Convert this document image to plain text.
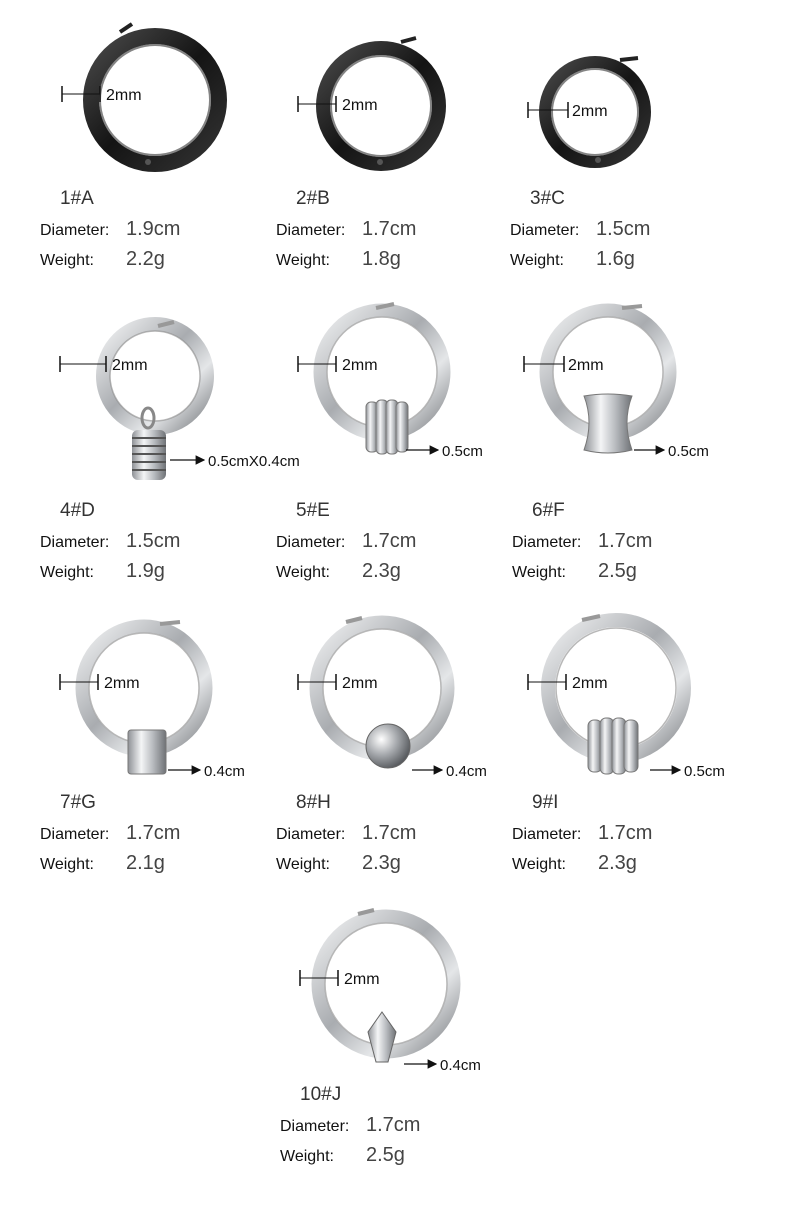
2mm
1#A
Diameter: 1.9cm
Weight: 2.2g
2mm
2#B
Diameter: 1.7cm
Weight: 1.8g
2mm
3#C
Diameter: 1.5cm
Weight: 1.6g
2mm
0.5cmX0.4cm
4#D
Diameter: 1.5cm
Weight: 1.9g
2mm
0.5cm
5#E
Diameter: 1.7cm
Weight: 2.3g
2mm
0.5cm
6#F
Diameter: 1.7cm
Weight: 2.5g
2mm
0.4cm
7#G
Diameter: 1.7cm
Weight: 2.1g
2mm
0.4cm
8#H
Diameter: 1.7cm
Weight: 2.3g
2mm
0.5cm
9#I
Diameter: 1.7cm
Weight: 2.3g
2mm
0.4cm
10#J
Diameter: 1.7cm
Weight: 2.5g
